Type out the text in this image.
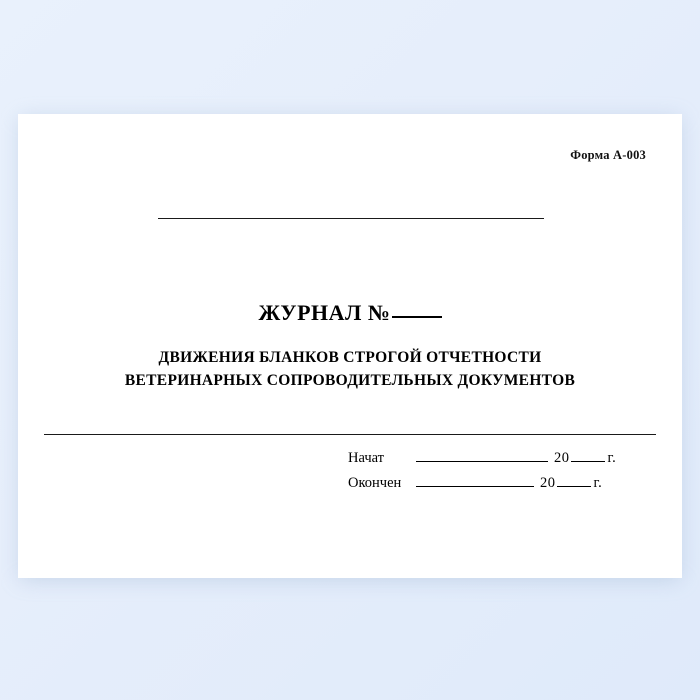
Форма А-003
ЖУРНАЛ №
ДВИЖЕНИЯ БЛАНКОВ СТРОГОЙ ОТЧЕТНОСТИ
ВЕТЕРИНАРНЫХ СОПРОВОДИТЕЛЬНЫХ ДОКУМЕНТОВ
Начат	20	г.
Окончен	20	г.
